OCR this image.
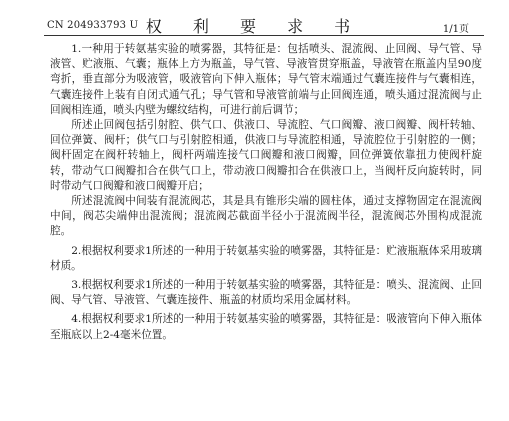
CN 204933793 U 权 利 要 求 书	1/1页

1.一种用于转氨基实验的喷雾器，其特征是：包括喷头、混流阀、止回阀、导气管、导液管、贮液瓶、气囊；瓶体上方为瓶盖，导气管、导液管贯穿瓶盖，导液管在瓶盖内呈90度弯折，垂直部分为吸液管，吸液管向下伸入瓶体；导气管末端通过气囊连接件与气囊相连，气囊连接件上装有自闭式通气孔；导气管和导液管前端与止回阀连通，喷头通过混流阀与止回阀相连通，喷头内壁为螺纹结构，可进行前后调节；

所述止回阀包括引射腔、供气口、供液口、导流腔、气口阀瓣、液口阀瓣、阀杆转轴、回位弹簧、阀杆；供气口与引射腔相通，供液口与导流腔相通，导流腔位于引射腔的一侧；阀杆固定在阀杆转轴上，阀杆两端连接气口阀瓣和液口阀瓣，回位弹簧依靠扭力使阀杆旋转，带动气口阀瓣扣合在供气口上，带动液口阀瓣扣合在供液口上，当阀杆反向旋转时，同时带动气口阀瓣和液口阀瓣开启；

所述混流阀中间装有混流阀芯，其是具有锥形尖端的圆柱体，通过支撑物固定在混流阀中间，阀芯尖端伸出混流阀；混流阀芯截面半径小于混流阀半径，混流阀芯外围构成混流腔。

2.根据权利要求1所述的一种用于转氨基实验的喷雾器，其特征是：贮液瓶瓶体采用玻璃材质。

3.根据权利要求1所述的一种用于转氨基实验的喷雾器，其特征是：喷头、混流阀、止回阀、导气管、导液管、气囊连接件、瓶盖的材质均采用金属材料。

4.根据权利要求1所述的一种用于转氨基实验的喷雾器，其特征是：吸液管向下伸入瓶体至瓶底以上2-4毫米位置。
